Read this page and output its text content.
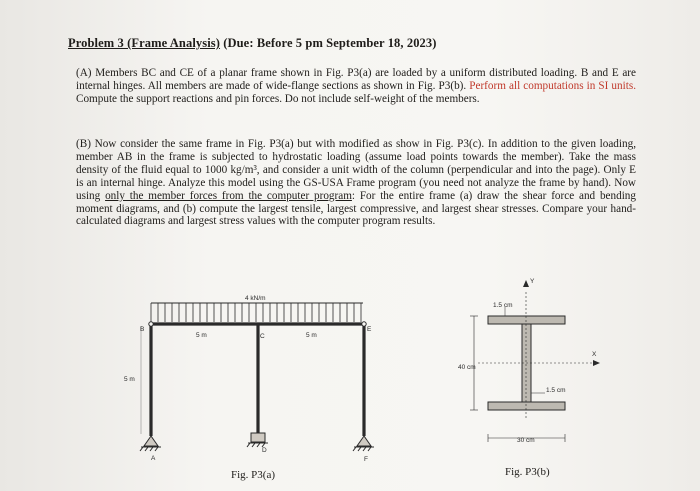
Problem 3 (Frame Analysis) (Due: Before 5 pm September 18, 2023)
(A) Members BC and CE of a planar frame shown in Fig. P3(a) are loaded by a uniform distributed loading. B and E are internal hinges. All members are made of wide-flange sections as shown in Fig. P3(b). Perform all computations in SI units. Compute the support reactions and pin forces. Do not include self-weight of the members.
(B) Now consider the same frame in Fig. P3(a) but with modified as show in Fig. P3(c). In addition to the given loading, member AB in the frame is subjected to hydrostatic loading (assume load points towards the member). Take the mass density of the fluid equal to 1000 kg/m³, and consider a unit width of the column (perpendicular and into the page). Only E is an internal hinge. Analyze this model using the GS-USA Frame program (you need not analyze the frame by hand). Now using only the member forces from the computer program: For the entire frame (a) draw the shear force and bending moment diagrams, and (b) compute the largest tensile, largest compressive, and largest shear stresses. Compare your hand-calculated diagrams and largest stress values with the computer program results.
4 kN/m
5 m	5 m
5 m
B
C
E
A
D
F
Y
X
1.5 cm
40 cm
1.5 cm
30 cm
Fig. P3(a)	Fig. P3(b)
